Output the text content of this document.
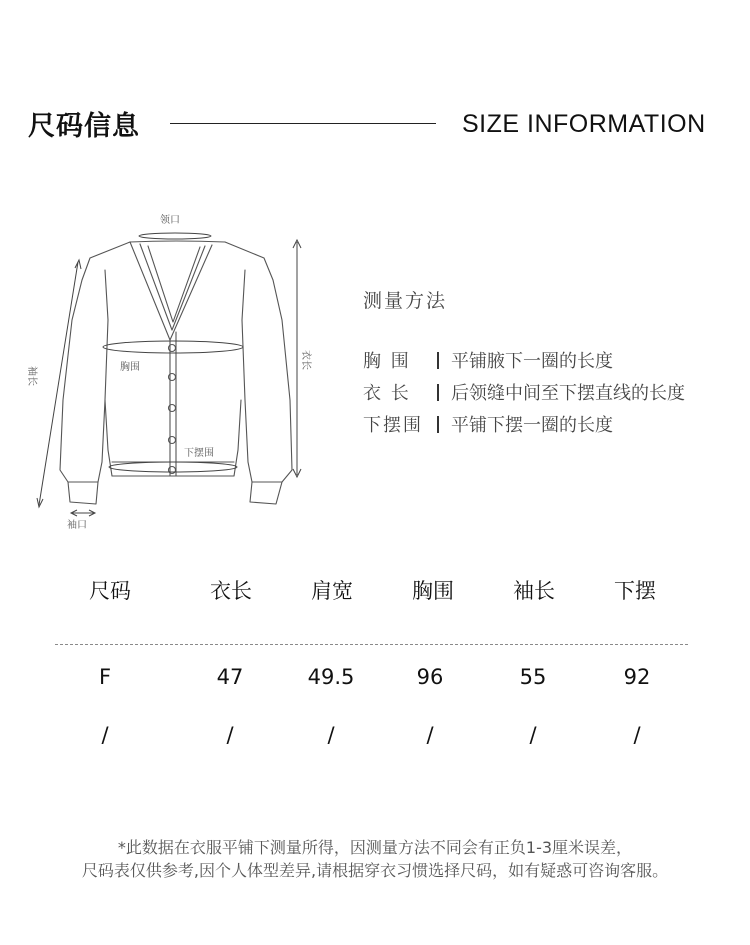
尺码信息	SIZE INFORMATION
领口
胸围
下摆围
袖口
衣长
袖长
测量方法
胸 围 平铺腋下一圈的长度
衣 长 后领缝中间至下摆直线的长度
下摆围 平铺下摆一圈的长度
尺码	衣长	肩宽	胸围	袖长	下摆
F	47	49.5	96	55	92
/	/	/	/	/	/
*此数据在衣服平铺下测量所得，因测量方法不同会有正负1-3厘米误差，
尺码表仅供参考,因个人体型差异,请根据穿衣习惯选择尺码，如有疑惑可咨询客服。
